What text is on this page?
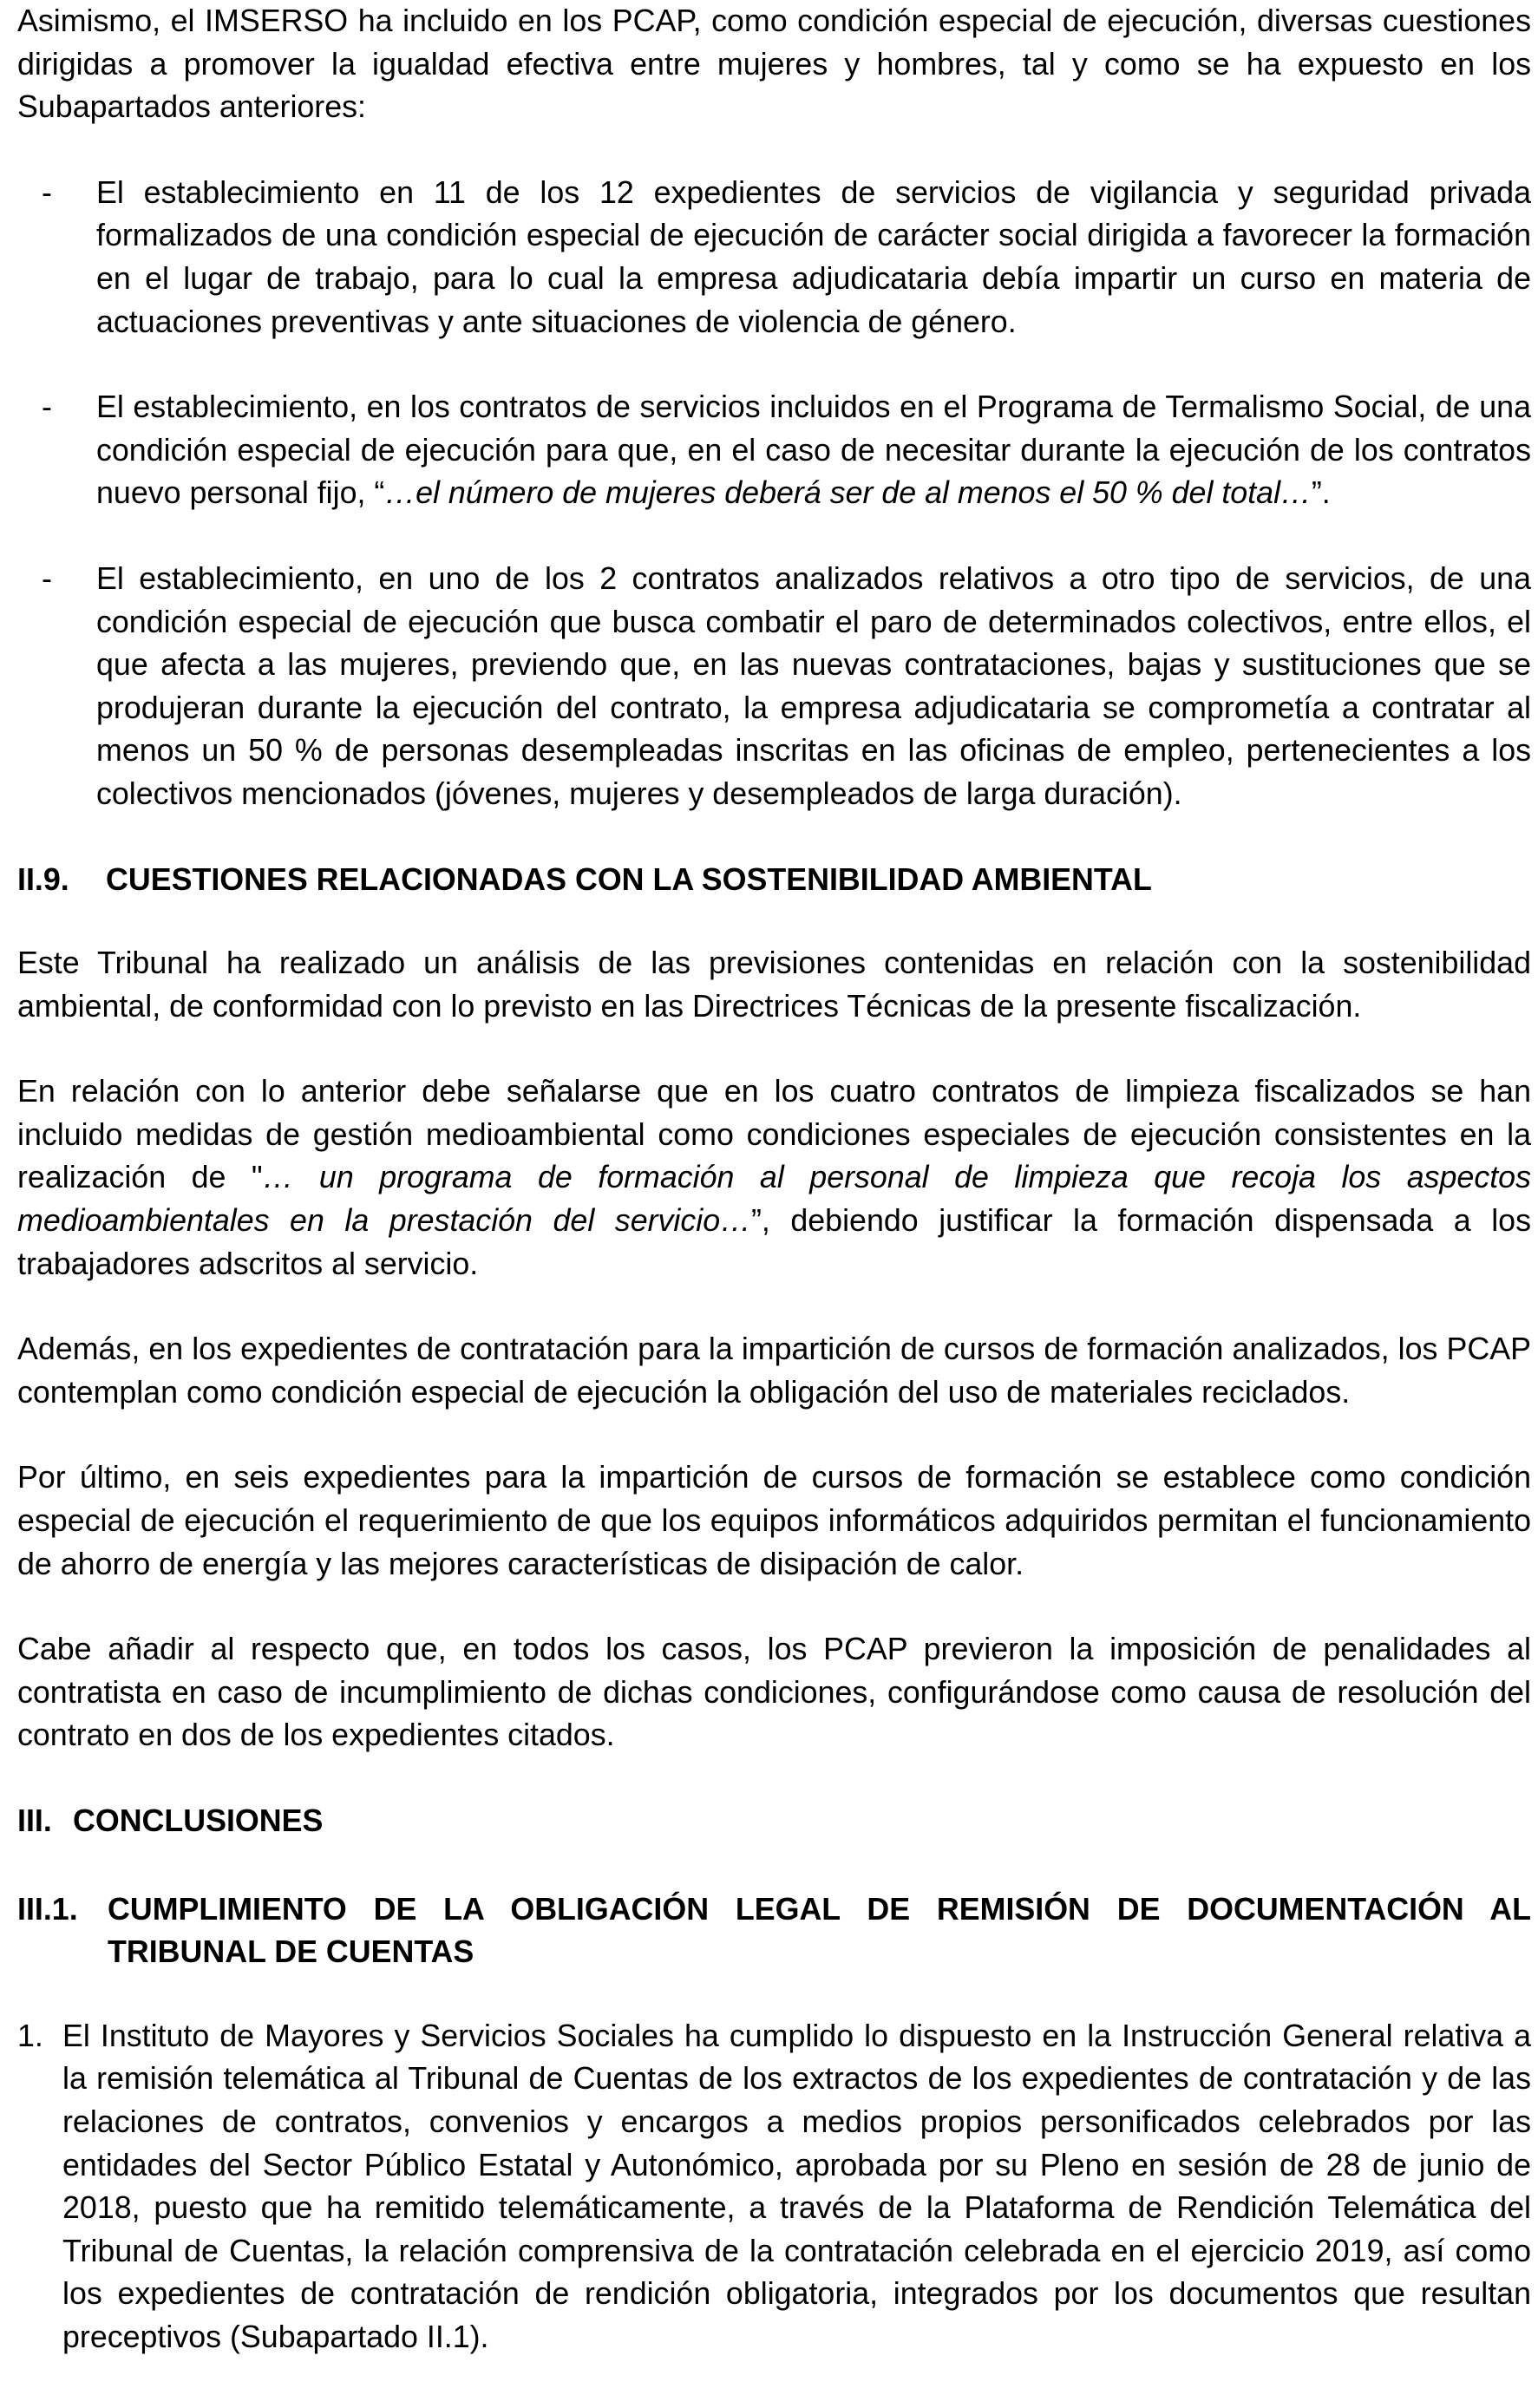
Asimismo, el IMSERSO ha incluido en los PCAP, como condición especial de ejecución, diversas cuestiones dirigidas a promover la igualdad efectiva entre mujeres y hombres, tal y como se ha expuesto en los Subapartados anteriores:

- El establecimiento en 11 de los 12 expedientes de servicios de vigilancia y seguridad privada formalizados de una condición especial de ejecución de carácter social dirigida a favorecer la formación en el lugar de trabajo, para lo cual la empresa adjudicataria debía impartir un curso en materia de actuaciones preventivas y ante situaciones de violencia de género.
- El establecimiento, en los contratos de servicios incluidos en el Programa de Termalismo Social, de una condición especial de ejecución para que, en el caso de necesitar durante la ejecución de los contratos nuevo personal fijo, “…el número de mujeres deberá ser de al menos el 50 % del total…”.
- El establecimiento, en uno de los 2 contratos analizados relativos a otro tipo de servicios, de una condición especial de ejecución que busca combatir el paro de determinados colectivos, entre ellos, el que afecta a las mujeres, previendo que, en las nuevas contrataciones, bajas y sustituciones que se produjeran durante la ejecución del contrato, la empresa adjudicataria se comprometía a contratar al menos un 50 % de personas desempleadas inscritas en las oficinas de empleo, pertenecientes a los colectivos mencionados (jóvenes, mujeres y desempleados de larga duración).
II.9. CUESTIONES RELACIONADAS CON LA SOSTENIBILIDAD AMBIENTAL

Este Tribunal ha realizado un análisis de las previsiones contenidas en relación con la sostenibilidad ambiental, de conformidad con lo previsto en las Directrices Técnicas de la presente fiscalización.

En relación con lo anterior debe señalarse que en los cuatro contratos de limpieza fiscalizados se han incluido medidas de gestión medioambiental como condiciones especiales de ejecución consistentes en la realización de "… un programa de formación al personal de limpieza que recoja los aspectos medioambientales en la prestación del servicio…”, debiendo justificar la formación dispensada a los trabajadores adscritos al servicio.

Además, en los expedientes de contratación para la impartición de cursos de formación analizados, los PCAP contemplan como condición especial de ejecución la obligación del uso de materiales reciclados.

Por último, en seis expedientes para la impartición de cursos de formación se establece como condición especial de ejecución el requerimiento de que los equipos informáticos adquiridos permitan el funcionamiento de ahorro de energía y las mejores características de disipación de calor.

Cabe añadir al respecto que, en todos los casos, los PCAP previeron la imposición de penalidades al contratista en caso de incumplimiento de dichas condiciones, configurándose como causa de resolución del contrato en dos de los expedientes citados.

III. CONCLUSIONES
III.1. CUMPLIMIENTO DE LA OBLIGACIÓN LEGAL DE REMISIÓN DE DOCUMENTACIÓN AL TRIBUNAL DE CUENTAS
1. El Instituto de Mayores y Servicios Sociales ha cumplido lo dispuesto en la Instrucción General relativa a la remisión telemática al Tribunal de Cuentas de los extractos de los expedientes de contratación y de las relaciones de contratos, convenios y encargos a medios propios personificados celebrados por las entidades del Sector Público Estatal y Autonómico, aprobada por su Pleno en sesión de 28 de junio de 2018, puesto que ha remitido telemáticamente, a través de la Plataforma de Rendición Telemática del Tribunal de Cuentas, la relación comprensiva de la contratación celebrada en el ejercicio 2019, así como los expedientes de contratación de rendición obligatoria, integrados por los documentos que resultan preceptivos (Subapartado II.1).
